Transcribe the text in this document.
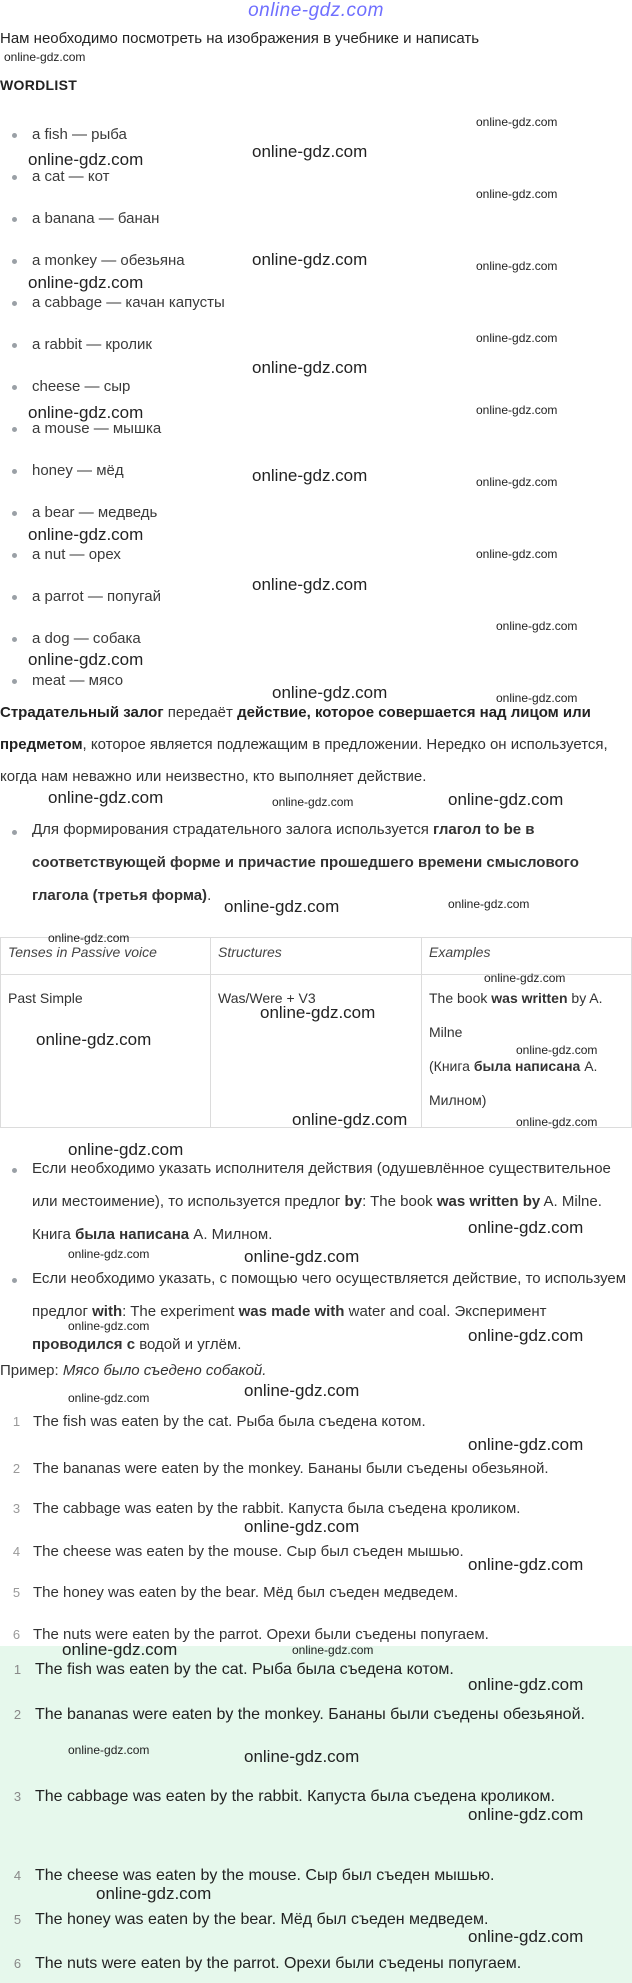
online-gdz.com
Нам необходимо посмотреть на изображения в учебнике и написать
online-gdz.com
WORDLIST
a fish — рыба
a cat — кот
a banana — банан
a monkey — обезьяна
a cabbage — качан капусты
a rabbit — кролик
cheese — сыр
a mouse — мышка
honey — мёд
a bear — медведь
a nut — орех
a parrot — попугай
a dog — собака
meat — мясо
Страдательный залог передаёт действие, которое совершается над лицом или предметом, которое является подлежащим в предложении. Нередко он используется, когда нам неважно или неизвестно, кто выполняет действие.
Для формирования страдательного залога используется глагол to be в соответствующей форме и причастие прошедшего времени смыслового глагола (третья форма).
Tenses in Passive voice	Structures	Examples
Past Simple	Was/Were + V3	The book was written by A. Milne
(Книга была написана А. Милном)
Если необходимо указать исполнителя действия (одушевлённое существительное или местоимение), то используется предлог by: The book was written by A. Milne. Книга была написана А. Милном.
Если необходимо указать, с помощью чего осуществляется действие, то используем предлог with: The experiment was made with water and coal. Эксперимент проводился с водой и углём.
Пример: Мясо было съедено собакой.
1 The fish was eaten by the cat. Рыба была съедена котом.
2 The bananas were eaten by the monkey. Бананы были съедены обезьяной.
3 The cabbage was eaten by the rabbit. Капуста была съедена кроликом.
4 The cheese was eaten by the mouse. Сыр был съеден мышью.
5 The honey was eaten by the bear. Мёд был съеден медведем.
6 The nuts were eaten by the parrot. Орехи были съедены попугаем.
1 The fish was eaten by the cat. Рыба была съедена котом.
2 The bananas were eaten by the monkey. Бананы были съедены обезьяной.
3 The cabbage was eaten by the rabbit. Капуста была съедена кроликом.
4 The cheese was eaten by the mouse. Сыр был съеден мышью.
5 The honey was eaten by the bear. Мёд был съеден медведем.
6 The nuts were eaten by the parrot. Орехи были съедены попугаем.
online-gdz.com
online-gdz.com
online-gdz.com
online-gdz.com
online-gdz.com
online-gdz.com
online-gdz.com
online-gdz.com
online-gdz.com
online-gdz.com
online-gdz.com
online-gdz.com	online-gdz.com
online-gdz.com
online-gdz.com
online-gdz.com
online-gdz.com
online-gdz.com
online-gdz.com
online-gdz.com
online-gdz.com
online-gdz.com
online-gdz.com
online-gdz.com
online-gdz.com
online-gdz.com
online-gdz.com
online-gdz.com
online-gdz.com
online-gdz.com
online-gdz.com
online-gdz.com
online-gdz.com
online-gdz.com
online-gdz.com
online-gdz.com
online-gdz.com
online-gdz.com
online-gdz.com
online-gdz.com
online-gdz.com
online-gdz.com
online-gdz.com
online-gdz.com
online-gdz.com
online-gdz.com
online-gdz.com
online-gdz.com
online-gdz.com
online-gdz.com
online-gdz.com
